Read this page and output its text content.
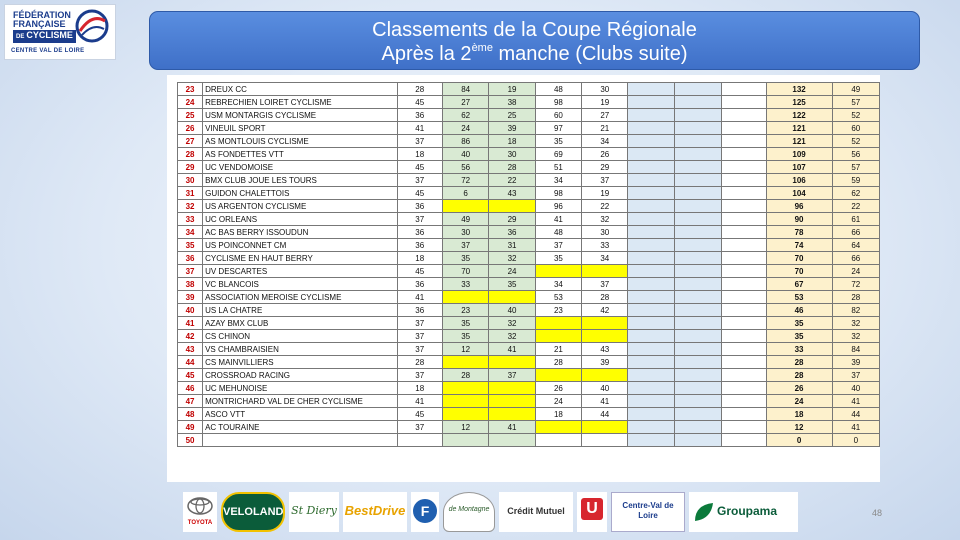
FÉDÉRATION
FRANÇAISE
DE CYCLISME
CENTRE VAL DE LOIRE
Classements de la Coupe Régionale
Après la 2ème manche (Clubs suite)
23	DREUX CC	28	84	19	48	30				132	49
24	REBRECHIEN LOIRET CYCLISME	45	27	38	98	19				125	57
25	USM MONTARGIS CYCLISME	36	62	25	60	27				122	52
26	VINEUIL SPORT	41	24	39	97	21				121	60
27	AS MONTLOUIS CYCLISME	37	86	18	35	34				121	52
28	AS FONDETTES VTT	18	40	30	69	26				109	56
29	UC VENDOMOISE	45	56	28	51	29				107	57
30	BMX CLUB JOUE LES TOURS	37	72	22	34	37				106	59
31	GUIDON CHALETTOIS	45	6	43	98	19				104	62
32	US ARGENTON CYCLISME	36			96	22				96	22
33	UC ORLEANS	37	49	29	41	32				90	61
34	AC BAS BERRY ISSOUDUN	36	30	36	48	30				78	66
35	US POINCONNET CM	36	37	31	37	33				74	64
36	CYCLISME EN HAUT BERRY	18	35	32	35	34				70	66
37	UV DESCARTES	45	70	24						70	24
38	VC BLANCOIS	36	33	35	34	37				67	72
39	ASSOCIATION MEROISE CYCLISME	41			53	28				53	28
40	US LA CHATRE	36	23	40	23	42				46	82
41	AZAY BMX CLUB	37	35	32						35	32
42	CS CHINON	37	35	32						35	32
43	VS CHAMBRAISIEN	37	12	41	21	43				33	84
44	CS MAINVILLIERS	28			28	39				28	39
45	CROSSROAD RACING	37	28	37						28	37
46	UC MEHUNOISE	18			26	40				26	40
47	MONTRICHARD VAL DE CHER CYCLISME	41			24	41				24	41
48	ASCO VTT	45			18	44				18	44
49	AC TOURAINE	37	12	41						12	41
50										0	0
48
TOYOTA
VELOLAND St Diery BestDrive	F	de Montagne	Crédit Mutuel	U	Centre-Val de Loire	Groupama
